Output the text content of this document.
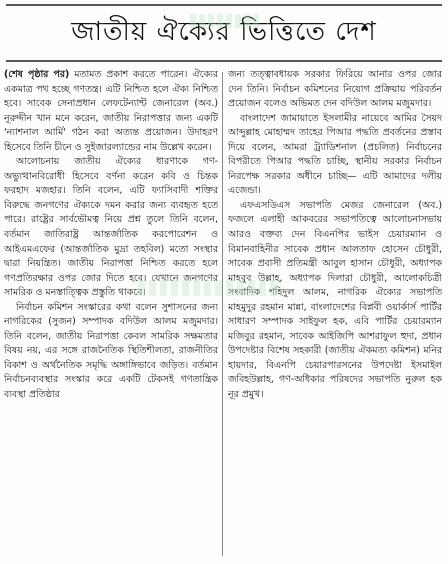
জাতীয় ঐক্যের ভিত্তিতে দেশ

(শেষ পৃষ্ঠার পর) মতামত প্রকাশ করতে পারেন। ঐক্যের একমাত্র পথ হচ্ছে গণতন্ত্র। এটি নিশ্চিত হলে ঐক্য নিশ্চিত হবে। সাবেক সেনাপ্রধান লেফটেন্যান্ট জেনারেল (অব.) নূরুদ্দীন খান মনে করেন, জাতীয় নিরাপত্তার জন্য একটি 'ন্যাশনাল আর্মি' গঠন করা অত্যন্ত প্রয়োজন। উদাহরণ হিসেবে তিনি চীনে ও সুইজারল্যান্ডের নাম উল্লেখ করেন।

আলোচনায় জাতীয় ঐক্যের ধারণাকে গণ-অভ্যুত্থানবিরোধী হিসেবে বর্ণনা করেন কবি ও চিন্তক ফরহাদ মজহার। তিনি বলেন, এটি ফ্যাসিবাদী শক্তির বিরুদ্ধে জনগণের ঐক্যকে দমন করার জন্য ব্যবহৃত হতে পারে। রাষ্ট্রের সার্বভৌমত্ব নিয়ে প্রশ্ন তুলে তিনি বলেন, বর্তমান জাতিরাষ্ট্র আন্তর্জাতিক করপোরেশন ও আইএমএফের (আন্তর্জাতিক মুদ্রা তহবিল) মতো সংস্থার দ্বারা নিয়ন্ত্রিত। জাতীয় নিরাপত্তা নিশ্চিত করতে হলে গণপ্রতিরক্ষার ওপর জোর দিতে হবে। যেখানে জনগণের সামরিক ও মনস্তাত্ত্বিক প্রস্তুতি থাকবে।

নির্বাচন কমিশন সংস্কারের কথা বলেন সুশাসনের জন্য নাগরিকের (সুজন) সম্পাদক বদিউল আলম মজুমদার। তিনি বলেন, জাতীয় নিরাপত্তা কেবল সামরিক সক্ষমতার বিষয় নয়, এর সঙ্গে রাজনৈতিক স্থিতিশীলতা, রাজনীতির বিকাশ ও অর্থনৈতিক সমৃদ্ধি অঙ্গাঙ্গিভাবে জড়িত। বর্তমান নির্বাচনব্যবস্থার সংস্কার করে একটি টেকসই গণতান্ত্রিক ব্যবস্থা প্রতিষ্ঠার

জন্য তত্ত্বাবধায়ক সরকার ফিরিয়ে আনার ওপর জোর দেন তিনি। নির্বাচন কমিশনের নিয়োগ প্রক্রিয়ায় পরিবর্তন প্রয়োজন বলেও অভিমত দেন বদিউল আলম মজুমদার।

বাংলাদেশ জামায়াতে ইসলামীর নায়েবে আমির সৈয়দ আব্দুল্লাহ মোহাম্মদ তাহের পিআর পদ্ধতি প্রবর্তনের প্রস্তাব দিয়ে বলেন, আমরা ট্র্যাডিশনাল (প্রচলিত) নির্বাচনের বিপরীতে পিআর পদ্ধতি চাচ্ছি, স্থানীয় সরকার নির্বাচন নিরপেক্ষ সরকার অধীনে চাচ্ছি— এটি আমাদের দলীয় এজেন্ডা।

এফএসডিএস সভাপতি মেজর জেনারেল (অব.) ফজলে এলাহী আকবরের সভাপতিত্বে আলোচনাসভায় আরও বক্তব্য দেন বিএনপির ভাইস চেয়ারম্যান ও বিমানবাহিনীর সাবেক প্রধান আলতাফ হোসেন চৌধুরী, সাবেক প্রবাসী প্রতিমন্ত্রী আবুল হাসান চৌধুরী, অধ্যাপক মাহবুব উল্লাহ, অধ্যাপক দিলারা চৌধুরী, আলোকচিত্রী সংবাদিক শহিদুল আলম, নাগরিক ঐক্যের সভাপতি মাহমুদুর রহমান মান্না, বাংলাদেশের বিপ্লবী ওয়ার্কার্স পার্টির সাধারণ সম্পাদক সাইফুল হক, এবি পার্টির চেয়ারম্যান মজিবুর রহমান, সাবেক আইজিপি আশরাফুল হুদা, প্রধান উপদেষ্টার বিশেষ সহকারী (জাতীয় ঐকমত্য কমিশন) মনির হায়দার, বিএনপি চেয়ারপারসনের উপদেষ্টা ইসমাইল জবিহউল্লাহ, গণ-অধিকার পরিষদের সভাপতি নুরুল হক নূর প্রমুখ।
